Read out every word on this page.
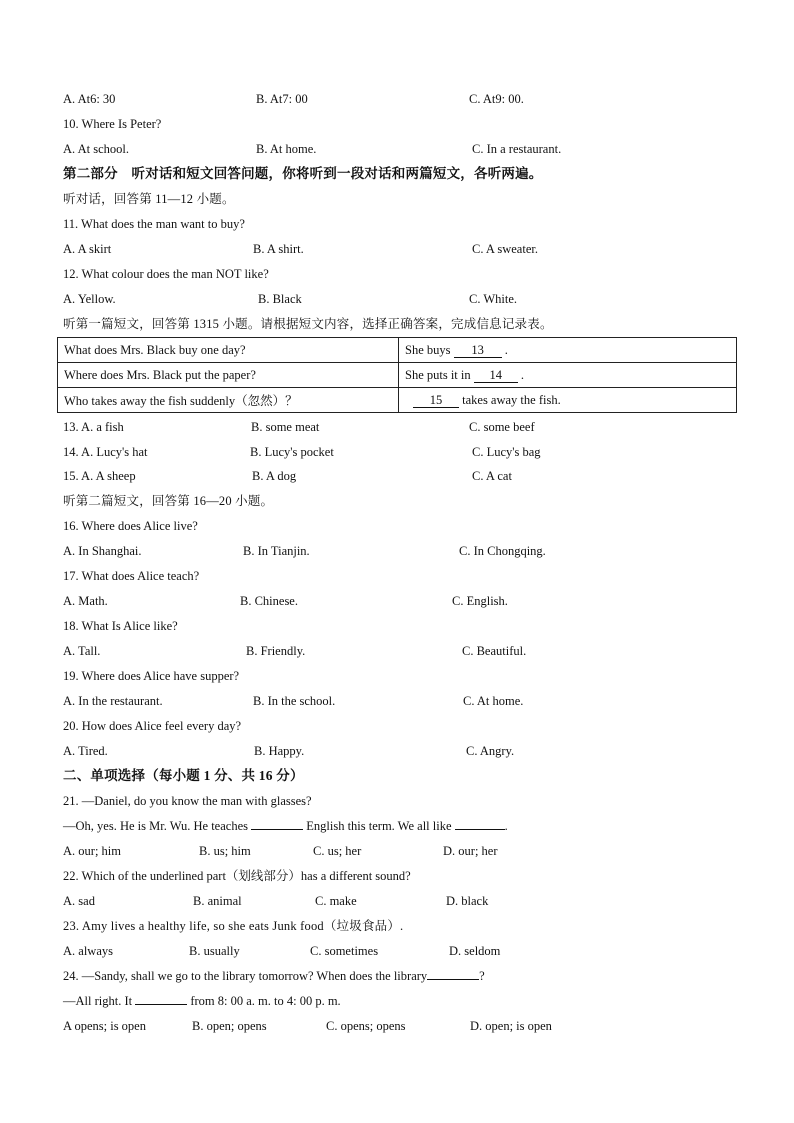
A. At6: 30	B. At7: 00	C. At9: 00.
10. Where Is Peter?
A. At school.	B. At home.	C. In a restaurant.
第二部分　听对话和短文回答问题，你将听到一段对话和两篇短文，各听两遍。
听对话，回答第 11—12 小题。
11. What does the man want to buy?
A. A skirt	B. A shirt.	C. A sweater.
12. What colour does the man NOT like?
A. Yellow.	B. Black	C. White.
听第一篇短文，回答第 1315 小题。请根据短文内容，选择正确答案，完成信息记录表。
What does Mrs. Black buy one day?	She buys 13 .
Where does Mrs. Black put the paper?	She puts it in 14 .
Who takes away the fish suddenly（忽然）？	15 takes away the fish.
13. A. a fish	B. some meat	C. some beef
14. A. Lucy's hat	B. Lucy's pocket	C. Lucy's bag
15. A. A sheep	B. A dog	C. A cat
听第二篇短文，回答第 16—20 小题。
16. Where does Alice live?
A. In Shanghai.	B. In Tianjin.	C. In Chongqing.
17. What does Alice teach?
A. Math.	B. Chinese.	C. English.
18. What Is Alice like?
A. Tall.	B. Friendly.	C. Beautiful.
19. Where does Alice have supper?
A. In the restaurant.	B. In the school.	C. At home.
20. How does Alice feel every day?
A. Tired.	B. Happy.	C. Angry.
二、单项选择（每小题 1 分、共 16 分）
21. —Daniel, do you know the man with glasses?
—Oh, yes. He is Mr. Wu. He teaches	English this term. We all like	.
A. our; him	B. us; him	C. us; her	D. our; her
22. Which of the underlined part（划线部分）has a different sound?
A. sad	B. animal	C. make	D. black
23. Amy lives a healthy life, so she eats Junk food（垃圾食品）.
A. always	B. usually	C. sometimes	D. seldom
24. —Sandy, shall we go to the library tomorrow? When does the library	?
—All right. It	from 8: 00 a. m. to 4: 00 p. m.
A opens; is open	B. open; opens	C. opens; opens	D. open; is open
